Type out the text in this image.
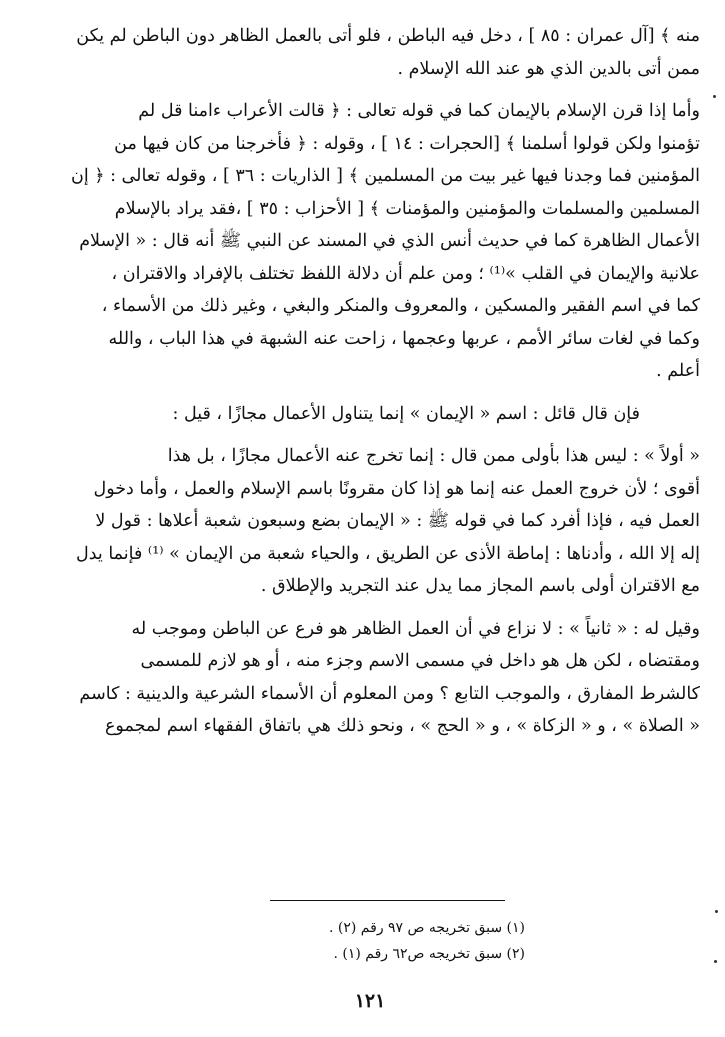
منه ﴾ [آل عمران : ٨٥ ] ، دخل فيه الباطن ، فلو أتى بالعمل الظاهر دون الباطن لم يكن
ممن أتى بالدين الذي هو عند الله الإسلام .

وأما إذا قرن الإسلام بالإيمان كما في قوله تعالى : ﴿ قالت الأعراب ءامنا قل لم
تؤمنوا ولكن قولوا أسلمنا ﴾ [الحجرات : ١٤ ] ، وقوله : ﴿ فأخرجنا من كان فيها من
المؤمنين فما وجدنا فيها غير بيت من المسلمين ﴾ [ الذاريات : ٣٦ ] ، وقوله تعالى : ﴿ إن
المسلمين والمسلمات والمؤمنين والمؤمنات ﴾ [ الأحزاب : ٣٥ ] ،فقد يراد بالإسلام
الأعمال الظاهرة كما في حديث أنس الذي في المسند عن النبي ﷺ أنه قال : « الإسلام
علانية والإيمان في القلب »⁽¹⁾ ؛ ومن علم أن دلالة اللفظ تختلف بالإفراد والاقتران ،
كما في اسم الفقير والمسكين ، والمعروف والمنكر والبغي ، وغير ذلك من الأسماء ،
وكما في لغات سائر الأمم ، عربها وعجمها ، زاحت عنه الشبهة في هذا الباب ، والله
أعلم .

فإن قال قائل : اسم « الإيمان » إنما يتناول الأعمال مجازًا ، قيل :

« أولاً » : ليس هذا بأولى ممن قال : إنما تخرج عنه الأعمال مجازًا ، بل هذا
أقوى ؛ لأن خروج العمل عنه إنما هو إذا كان مقرونًا باسم الإسلام والعمل ، وأما دخول
العمل فيه ، فإذا أفرد كما في قوله ﷺ : « الإيمان بضع وسبعون شعبة أعلاها : قول لا
إله إلا الله ، وأدناها : إماطة الأذى عن الطريق ، والحياء شعبة من الإيمان » ⁽¹⁾ فإنما يدل
مع الاقتران أولى باسم المجاز مما يدل عند التجريد والإطلاق .

وقيل له : « ثانياً » : لا نزاع في أن العمل الظاهر هو فرع عن الباطن وموجب له
ومقتضاه ، لكن هل هو داخل في مسمى الاسم وجزء منه ، أو هو لازم للمسمى
كالشرط المفارق ، والموجب التابع ؟ ومن المعلوم أن الأسماء الشرعية والدينية : كاسم
« الصلاة » ، و « الزكاة » ، و « الحج » ، ونحو ذلك هي باتفاق الفقهاء اسم لمجموع

(١) سبق تخريجه ص ٩٧ رقم (٢) .
(٢) سبق تخريجه ص٦٢ رقم (١) .
١٢١
